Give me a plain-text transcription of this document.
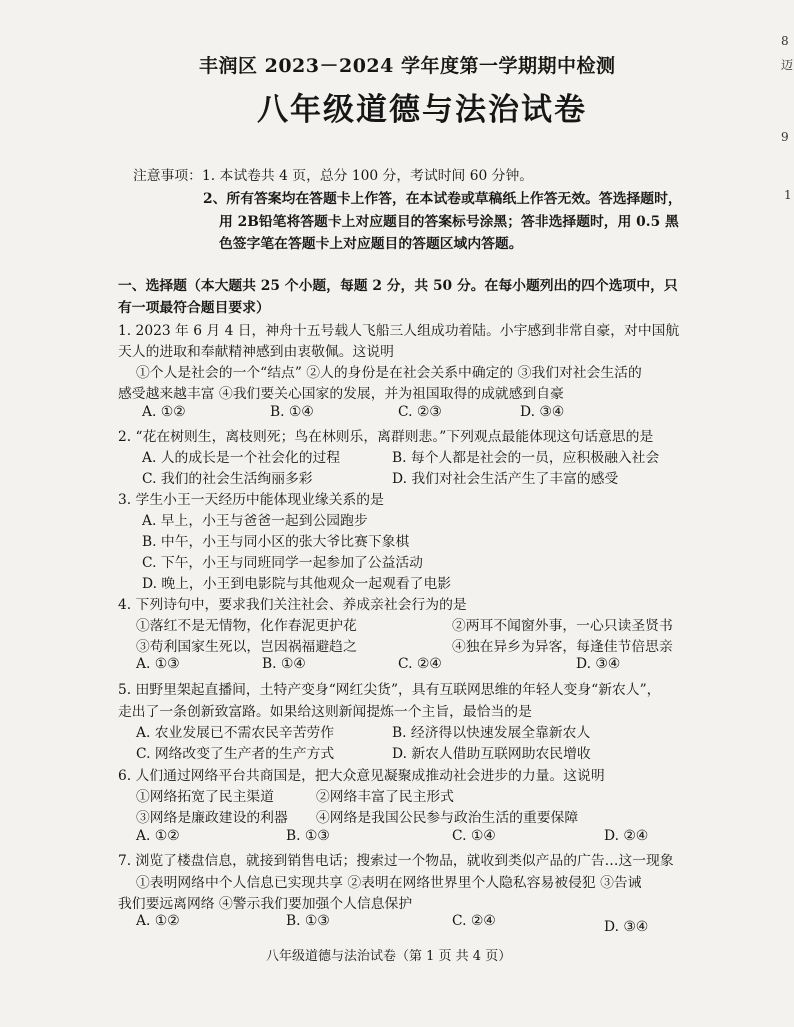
丰润区 2023－2024 学年度第一学期期中检测
八年级道德与法治试卷
注意事项：1. 本试卷共 4 页，总分 100 分，考试时间 60 分钟。
2、所有答案均在答题卡上作答，在本试卷或草稿纸上作答无效。答选择题时，
用 2B铅笔将答题卡上对应题目的答案标号涂黑；答非选择题时，用 0.5 黑
色签字笔在答题卡上对应题目的答题区域内答题。
一、选择题（本大题共 25 个小题，每题 2 分，共 50 分。在每小题列出的四个选项中，只
有一项最符合题目要求）
1. 2023 年 6 月 4 日，神舟十五号载人飞船三人组成功着陆。小宇感到非常自豪，对中国航
天人的进取和奉献精神感到由衷敬佩。这说明
①个人是社会的一个“结点” ②人的身份是在社会关系中确定的 ③我们对社会生活的
感受越来越丰富 ④我们要关心国家的发展，并为祖国取得的成就感到自豪
A. ①②	B. ①④	C. ②③	D. ③④
2. “花在树则生，离枝则死；鸟在林则乐，离群则悲。”下列观点最能体现这句话意思的是
A. 人的成长是一个社会化的过程	B. 每个人都是社会的一员，应积极融入社会
C. 我们的社会生活绚丽多彩	D. 我们对社会生活产生了丰富的感受
3. 学生小王一天经历中能体现业缘关系的是
A. 早上，小王与爸爸一起到公园跑步
B. 中午，小王与同小区的张大爷比赛下象棋
C. 下午，小王与同班同学一起参加了公益活动
D. 晚上，小王到电影院与其他观众一起观看了电影
4. 下列诗句中，要求我们关注社会、养成亲社会行为的是
①落红不是无情物，化作春泥更护花	②两耳不闻窗外事，一心只读圣贤书
③苟利国家生死以，岂因祸福避趋之	④独在异乡为异客，每逢佳节倍思亲
A. ①③	B. ①④	C. ②④	D. ③④
5. 田野里架起直播间，土特产变身“网红尖货”，具有互联网思维的年轻人变身“新农人”，
走出了一条创新致富路。如果给这则新闻提炼一个主旨，最恰当的是
A. 农业发展已不需农民辛苦劳作	B. 经济得以快速发展全靠新农人
C. 网络改变了生产者的生产方式	D. 新农人借助互联网助农民增收
6. 人们通过网络平台共商国是，把大众意见凝聚成推动社会进步的力量。这说明
①网络拓宽了民主渠道	②网络丰富了民主形式
③网络是廉政建设的利器 ④网络是我国公民参与政治生活的重要保障
A. ①②	B. ①③	C. ①④	D. ②④
7. 浏览了楼盘信息，就接到销售电话；搜索过一个物品，就收到类似产品的广告…这一现象
①表明网络中个人信息已实现共享 ②表明在网络世界里个人隐私容易被侵犯 ③告诫
我们要远离网络 ④警示我们要加强个人信息保护
A. ①②	B. ①③	C. ②④	D. ③④
八年级道德与法治试卷（第 1 页 共 4 页）
8
迈
9
1
